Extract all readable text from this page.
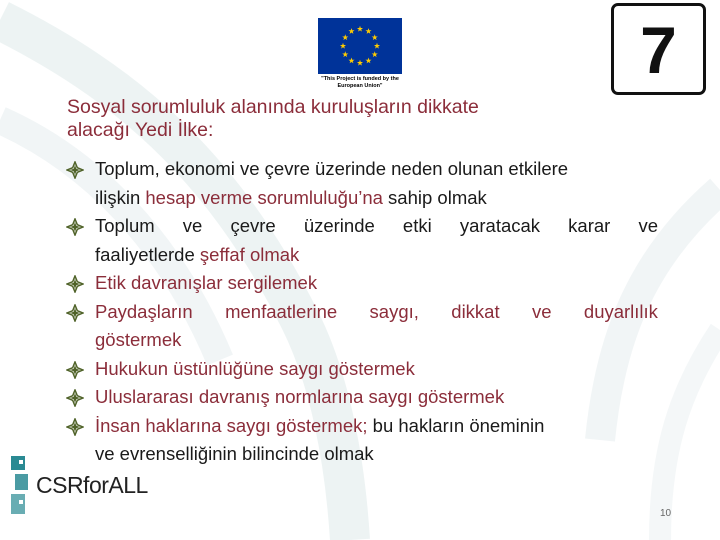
"This Project is funded by the
European Union"	7
Sosyal sorumluluk alanında kuruluşların dikkate
alacağı Yedi İlke:
Toplum, ekonomi ve çevre üzerinde neden olunan etkilere
ilişkin hesap verme sorumluluğu’na sahip olmak
Toplum ve çevre üzerinde etki yaratacak karar ve
faaliyetlerde şeffaf olmak
Etik davranışlar sergilemek
Paydaşların menfaatlerine saygı, dikkat ve duyarlılık
göstermek
Hukukun üstünlüğüne saygı göstermek
Uluslararası davranış normlarına saygı göstermek
İnsan haklarına saygı göstermek; bu hakların öneminin
ve evrenselliğinin bilincinde olmak
CSRforALL
10
